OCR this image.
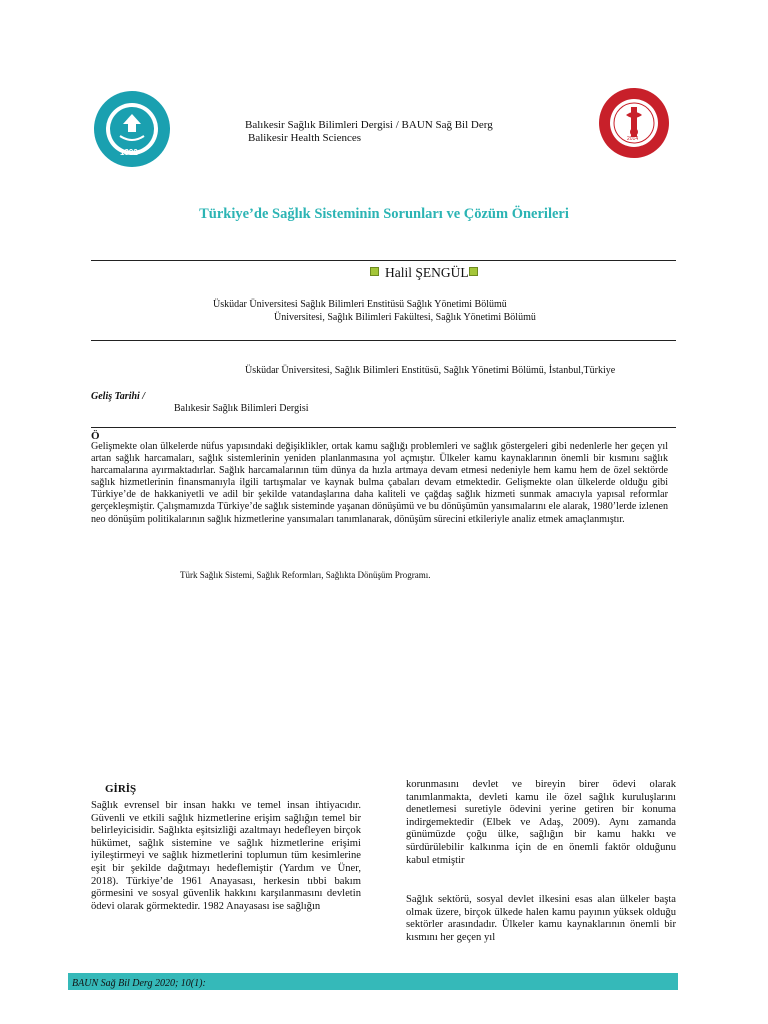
1992
Balıkesir Sağlık Bilimleri Dergisi / BAUN Sağ Bil Derg
Balikesir Health Sciences	2014
Türkiye’de Sağlık Sisteminin Sorunları ve Çözüm Önerileri
Halil ŞENGÜL
Üsküdar Üniversitesi Sağlık Bilimleri Enstitüsü Sağlık Yönetimi Bölümü
Üniversitesi, Sağlık Bilimleri Fakültesi, Sağlık Yönetimi Bölümü
Üsküdar Üniversitesi, Sağlık Bilimleri Enstitüsü, Sağlık Yönetimi Bölümü, İstanbul,Türkiye
Geliş Tarihi /
Balıkesir Sağlık Bilimleri Dergisi
Ö
Gelişmekte olan ülkelerde nüfus yapısındaki değişiklikler, ortak kamu sağlığı problemleri ve sağlık göstergeleri gibi nedenlerle her geçen yıl artan sağlık harcamaları, sağlık sistemlerinin yeniden planlanmasına yol açmıştır. Ülkeler kamu kaynaklarının önemli bir kısmını sağlık harcamalarına ayırmaktadırlar. Sağlık harcamalarının tüm dünya da hızla artmaya devam etmesi nedeniyle hem kamu hem de özel sektörde sağlık hizmetlerinin finansmanıyla ilgili tartışmalar ve kaynak bulma çabaları devam etmektedir. Gelişmekte olan ülkelerde olduğu gibi Türkiye’de de hakkaniyetli ve adil bir şekilde vatandaşlarına daha kaliteli ve çağdaş sağlık hizmeti sunmak amacıyla yapısal reformlar gerçekleşmiştir. Çalışmamızda Türkiye’de sağlık sisteminde yaşanan dönüşümü ve bu dönüşümün yansımalarını ele alarak, 1980’lerde izlenen neo dönüşüm politikalarının sağlık hizmetlerine yansımaları tanımlanarak, dönüşüm sürecini etkileriyle analiz etmek amaçlanmıştır.
Türk Sağlık Sistemi, Sağlık Reformları, Sağlıkta Dönüşüm Programı.
GİRİŞ
Sağlık evrensel bir insan hakkı ve temel insan ihtiyacıdır. Güvenli ve etkili sağlık hizmetlerine erişim sağlığın temel bir belirleyicisidir. Sağlıkta eşitsizliği azaltmayı hedefleyen birçok hükümet, sağlık sistemine ve sağlık hizmetlerine erişimi iyileştirmeyi ve sağlık hizmetlerini toplumun tüm kesimlerine eşit bir şekilde dağıtmayı hedeflemiştir (Yardım ve Üner, 2018). Türkiye’de 1961 Anayasası, herkesin tıbbi bakım görmesini ve sosyal güvenlik hakkını karşılanmasını devletin ödevi olarak görmektedir. 1982 Anayasası ise sağlığın
korunmasını devlet ve bireyin birer ödevi olarak tanımlanmakta, devleti kamu ile özel sağlık kuruluşlarını denetlemesi suretiyle ödevini yerine getiren bir konuma indirgemektedir (Elbek ve Adaş, 2009). Aynı zamanda günümüzde çoğu ülke, sağlığın bir kamu hakkı ve sürdürülebilir kalkınma için de en önemli faktör olduğunu kabul etmiştir
Sağlık sektörü, sosyal devlet ilkesini esas alan ülkeler başta olmak üzere, birçok ülkede halen kamu payının yüksek olduğu sektörler arasındadır. Ülkeler kamu kaynaklarının önemli bir kısmını her geçen yıl
BAUN Sağ Bil Derg 2020; 10(1):
